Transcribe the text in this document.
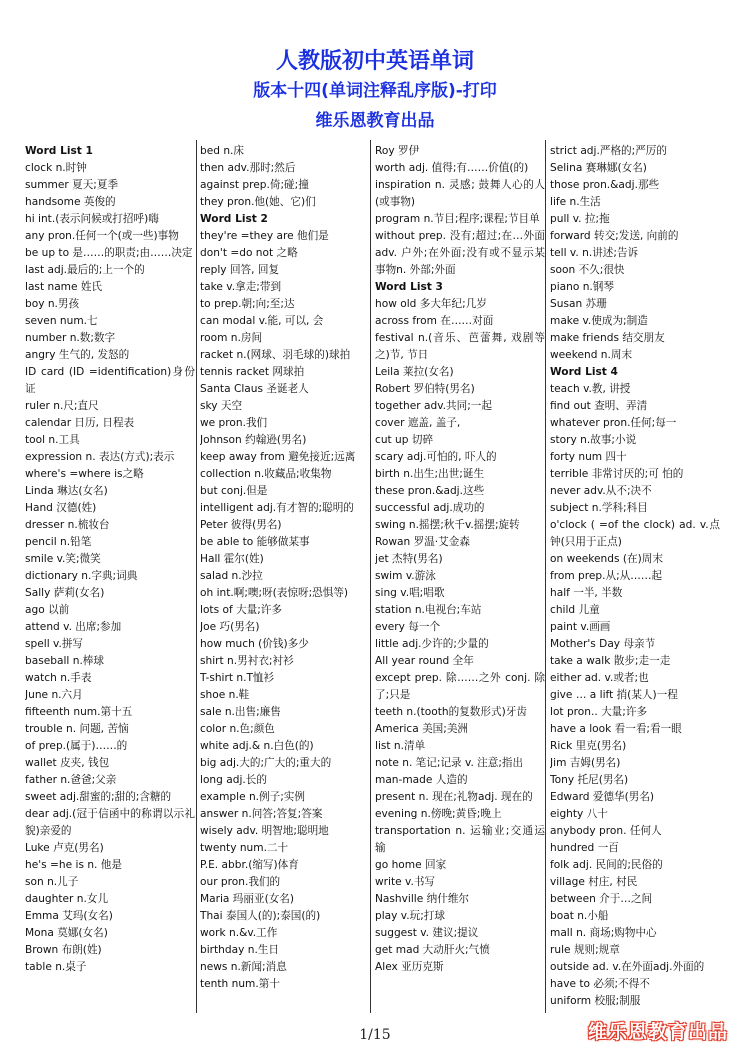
人教版初中英语单词
版本十四(单词注释乱序版)-打印
维乐恩教育出品

Word List 1

clock n.时钟

summer 夏天;夏季

handsome 英俊的

hi int.(表示问候或打招呼)嗨

any pron.任何一个(或一些)事物

be up to 是……的职责;由……决定

last adj.最后的;上一个的

last name 姓氏

boy n.男孩

seven num.七

number n.数;数字

angry 生气的, 发怒的

ID card (ID =identification)身份证

ruler n.尺;直尺

calendar 日历, 日程表

tool n.工具

expression n. 表达(方式);表示

where's =where is之略

Linda 琳达(女名)

Hand 汉德(姓)

dresser n.梳妆台

pencil n.铅笔

smile v.笑;微笑

dictionary n.字典;词典

Sally 萨莉(女名)

ago 以前

attend v. 出席;参加

spell v.拼写

baseball n.棒球

watch n.手表

June n.六月

fifteenth num.第十五

trouble n. 问题, 苦恼

of prep.(属于)……的

wallet 皮夹, 钱包

father n.爸爸;父亲

sweet adj.甜蜜的;甜的;含糖的

dear adj.(冠于信函中的称谓以示礼貌)亲爱的

Luke 卢克(男名)

he's =he is n. 他是

son n.儿子

daughter n.女儿

Emma 艾玛(女名)

Mona 莫娜(女名)

Brown 布朗(姓)

table n.桌子

bed n.床

then adv.那时;然后

against prep.倚;碰;撞

they pron.他(她、它)们

Word List 2

they're =they are 他们是

don't =do not 之略

reply 回答, 回复

take v.拿走;带到

to prep.朝;向;至;达

can modal v.能, 可以, 会

room n.房间

racket n.(网球、羽毛球的)球拍

tennis racket 网球拍

Santa Claus 圣诞老人

sky 天空

we pron.我们

Johnson 约翰逊(男名)

keep away from 避免接近;远离

collection n.收藏品;收集物

but conj.但是

intelligent adj.有才智的;聪明的

Peter 彼得(男名)

be able to 能够做某事

Hall 霍尔(姓)

salad n.沙拉

oh int.啊;噢;呀(表惊呀;恐惧等)

lots of 大量;许多

Joe 巧(男名)

how much (价钱)多少

shirt n.男衬衣;衬衫

T-shirt n.T恤衫

shoe n.鞋

sale n.出售;廉售

color n.色;颜色

white adj.& n.白色(的)

big adj.大的;广大的;重大的

long adj.长的

example n.例子;实例

answer n.问答;答复;答案

wisely adv. 明智地;聪明地

twenty num.二十

P.E. abbr.(缩写)体育

our pron.我们的

Maria 玛丽亚(女名)

Thai 泰国人(的);泰国(的)

work n.&v.工作

birthday n.生日

news n.新闻;消息

tenth num.第十

Roy 罗伊

worth adj. 值得;有……价值(的)

inspiration n. 灵感; 鼓舞人心的人(或事物)

program n.节目;程序;课程;节目单

without prep. 没有;超过;在…外面adv. 户外;在外面;没有或不显示某事物n. 外部;外面

Word List 3

how old 多大年纪;几岁

across from 在……对面

festival n.(音乐、芭蕾舞, 戏剧等之)节, 节日

Leila 莱拉(女名)

Robert 罗伯特(男名)

together adv.共同;一起

cover 遮盖, 盖子,

cut up 切碎

scary adj.可怕的, 吓人的

birth n.出生;出世;诞生

these pron.&adj.这些

successful adj.成功的

swing n.摇摆;秋千v.摇摆;旋转

Rowan 罗温·艾金森

jet 杰特(男名)

swim v.游泳

sing v.唱;唱歌

station n.电视台;车站

every 每一个

little adj.少许的;少量的

All year round 全年

except prep. 除……之外 conj. 除了;只是

teeth n.(tooth的复数形式)牙齿

America 美国;美洲

list n.清单

note n. 笔记;记录 v. 注意;指出

man-made 人造的

present n. 现在;礼物adj. 现在的

evening n.傍晚;黄昏;晚上

transportation n. 运输业;交通运输

go home 回家

write v.书写

Nashville 纳什维尔

play v.玩;打球

suggest v. 建议;提议

get mad 大动肝火;气愤

Alex 亚历克斯

strict adj.严格的;严厉的

Selina 赛琳娜(女名)

those pron.&adj.那些

life n.生活

pull v. 拉;拖

forward 转交;发送, 向前的

tell v. n.讲述;告诉

soon 不久;很快

piano n.钢琴

Susan 苏珊

make v.使成为;制造

make friends 结交朋友

weekend n.周末

Word List 4

teach v.教, 讲授

find out 查明、弄清

whatever pron.任何;每一

story n.故事;小说

forty num 四十

terrible 非常讨厌的;可 怕的

never adv.从不;决不

subject n.学科;科目

o'clock ( =of the clock) ad. v.点钟(只用于正点)

on weekends (在)周末

from prep.从;从……起

half 一半, 半数

child 儿童

paint v.画画

Mother's Day 母亲节

take a walk 散步;走一走

either ad. v.或者;也

give … a lift 捎(某人)一程

lot pron.. 大量;许多

have a look 看一看;看一眼

Rick 里克(男名)

Jim 吉姆(男名)

Tony 托尼(男名)

Edward 爱德华(男名)

eighty 八十

anybody pron. 任何人

hundred 一百

folk adj. 民间的;民俗的

village 村庄, 村民

between 介于…之间

boat n.小船

mall n. 商场;购物中心

rule 规则;规章

outside ad. v.在外面adj.外面的

have to 必须;不得不

uniform 校服;制服

1/15	维乐恩教育出品
